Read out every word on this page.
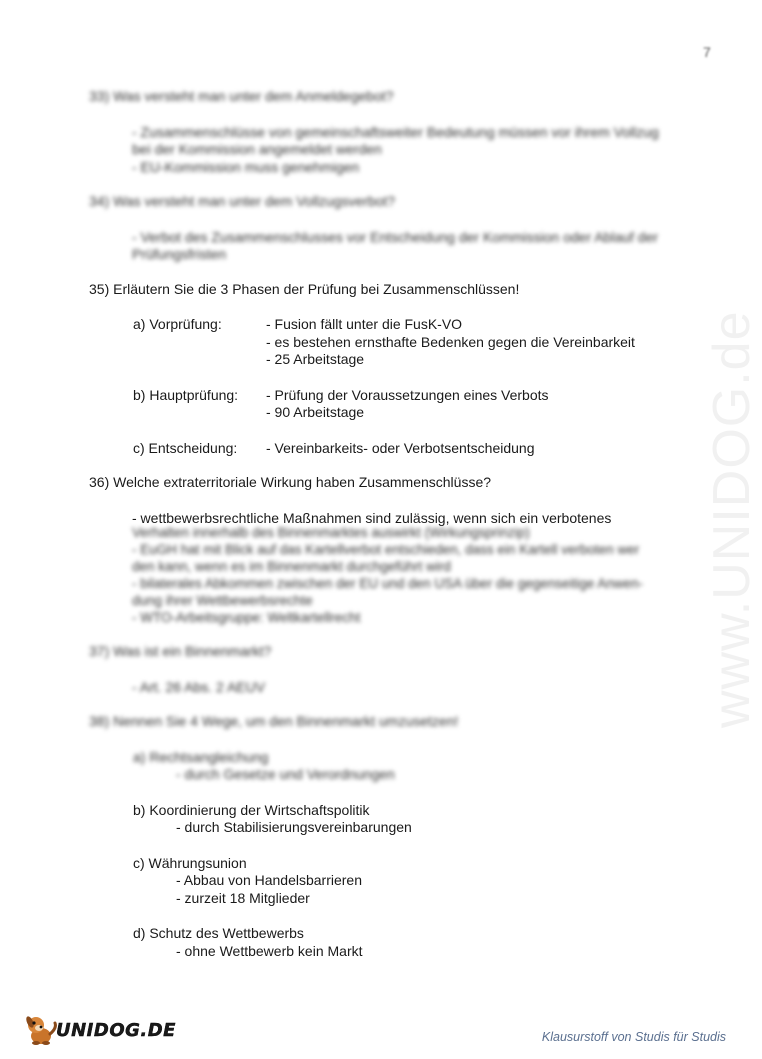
7
www.UNIDOG.de

33) Was versteht man unter dem Anmeldegebot?

- Zusammenschlüsse von gemeinschaftsweiter Bedeutung müssen vor ihrem Vollzug

bei der Kommission angemeldet werden

- EU-Kommission muss genehmigen

34) Was versteht man unter dem Vollzugsverbot?

- Verbot des Zusammenschlusses vor Entscheidung der Kommission oder Ablauf der

Prüfungsfristen

35) Erläutern Sie die 3 Phasen der Prüfung bei Zusammenschlüssen!

a) Vorprüfung:	- Fusion fällt unter die FusK-VO
- es bestehen ernsthafte Bedenken gegen die Vereinbarkeit
- 25 Arbeitstage
b) Hauptprüfung:	- Prüfung der Voraussetzungen eines Verbots
- 90 Arbeitstage
c) Entscheidung:	- Vereinbarkeits- oder Verbotsentscheidung

36) Welche extraterritoriale Wirkung haben Zusammenschlüsse?

- wettbewerbsrechtliche Maßnahmen sind zulässig, wenn sich ein verbotenes

Verhalten innerhalb des Binnenmarktes auswirkt (Wirkungsprinzip)
- EuGH hat mit Blick auf das Kartellverbot entschieden, dass ein Kartell verboten wer
den kann, wenn es im Binnenmarkt durchgeführt wird
- bilaterales Abkommen zwischen der EU und den USA über die gegenseitige Anwen-
dung ihrer Wettbewerbsrechte
- WTO-Arbeitsgruppe: Weltkartellrecht

37) Was ist ein Binnenmarkt?

- Art. 26 Abs. 2 AEUV

38) Nennen Sie 4 Wege, um den Binnenmarkt umzusetzen!

a) Rechtsangleichung
- durch Gesetze und Verordnungen
b) Koordinierung der Wirtschaftspolitik
- durch Stabilisierungsvereinbarungen
c) Währungsunion
- Abbau von Handelsbarrieren
- zurzeit 18 Mitglieder
d) Schutz des Wettbewerbs
- ohne Wettbewerb kein Markt
UNIDOG.DE	Klausurstoff von Studis für Studis
